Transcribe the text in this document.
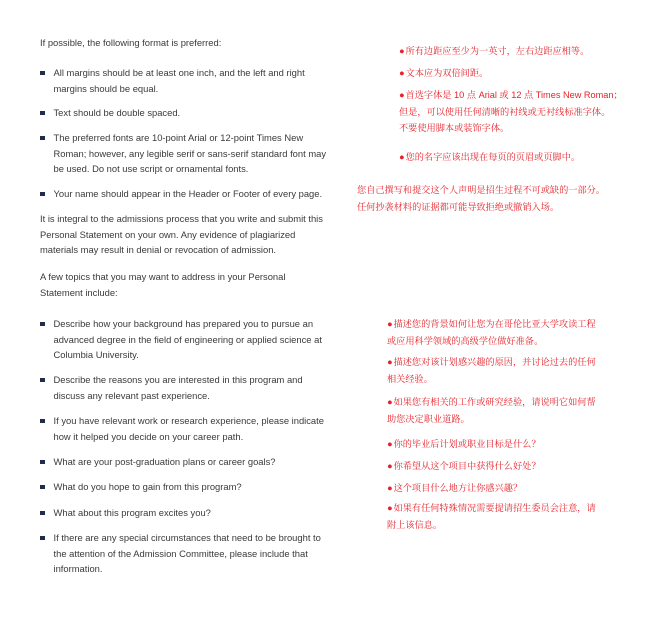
If possible, the following format is preferred:
All margins should be at least one inch, and the left and right margins should be equal.
Text should be double spaced.
The preferred fonts are 10-point Arial or 12-point Times New Roman; however, any legible serif or sans-serif standard font may be used. Do not use script or ornamental fonts.
Your name should appear in the Header or Footer of every page.
It is integral to the admissions process that you write and submit this Personal Statement on your own. Any evidence of plagiarized materials may result in denial or revocation of admission.
A few topics that you may want to address in your Personal Statement include:
Describe how your background has prepared you to pursue an advanced degree in the field of engineering or applied science at Columbia University.
Describe the reasons you are interested in this program and discuss any relevant past experience.
If you have relevant work or research experience, please indicate how it helped you decide on your career path.
What are your post-graduation plans or career goals?
What do you hope to gain from this program?
What about this program excites you?
If there are any special circumstances that need to be brought to the attention of the Admission Committee, please include that information.
●所有边距应至少为一英寸，左右边距应相等。
●文本应为双倍间距。
●首选字体是 10 点 Arial 或 12 点 Times New Roman；
但是，可以使用任何清晰的衬线或无衬线标准字体。
不要使用脚本或装饰字体。
●您的名字应该出现在每页的页眉或页脚中。
您自己撰写和提交这个人声明是招生过程不可或缺的一部分。
任何抄袭材料的证据都可能导致拒绝或撤销入场。
●描述您的背景如何让您为在哥伦比亚大学攻读工程
或应用科学领域的高级学位做好准备。
●描述您对该计划感兴趣的原因，并讨论过去的任何
相关经验。
●如果您有相关的工作或研究经验，请说明它如何帮
助您决定职业道路。
●你的毕业后计划或职业目标是什么？
●你希望从这个项目中获得什么好处？
●这个项目什么地方让你感兴趣？
●如果有任何特殊情况需要提请招生委员会注意，请
附上该信息。
